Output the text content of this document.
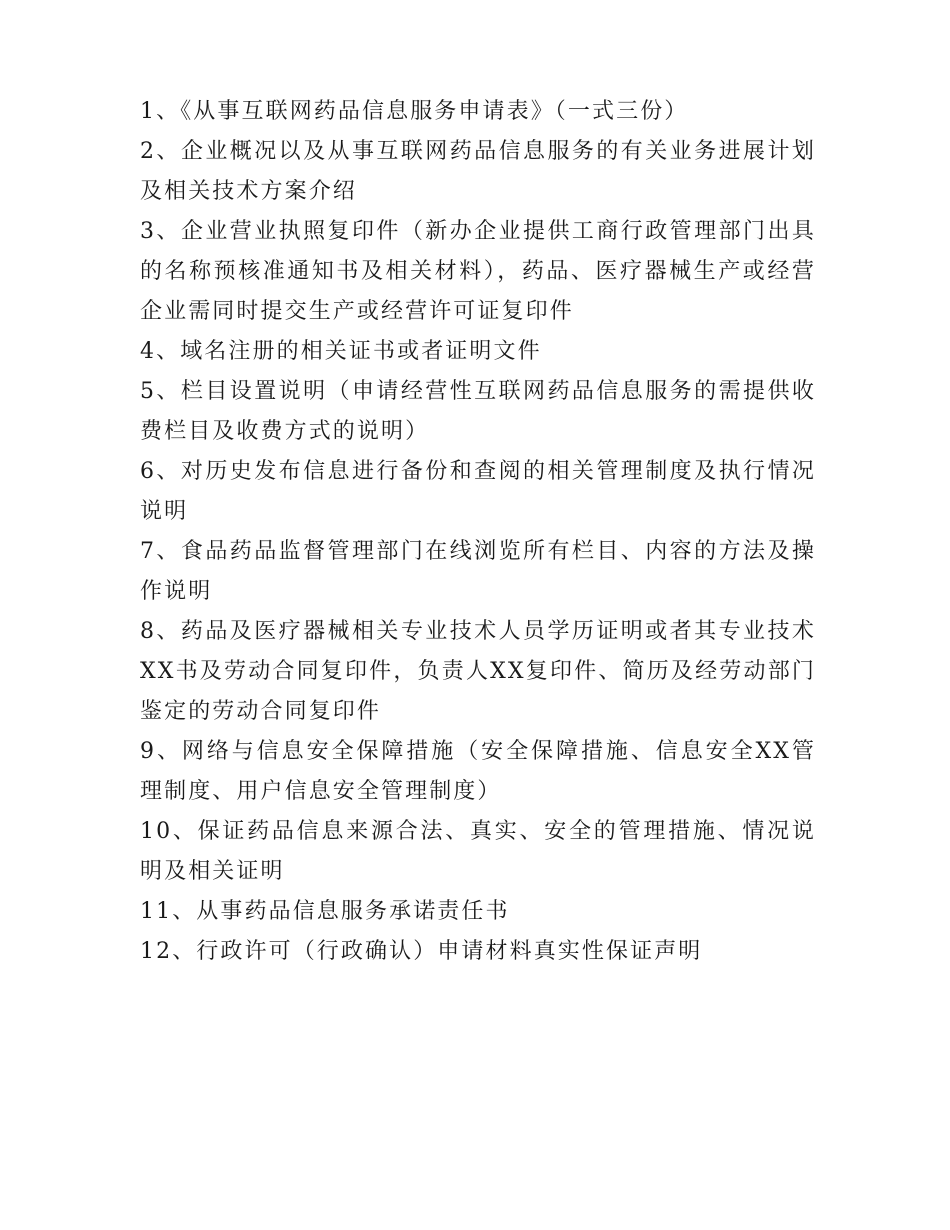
1、《从事互联网药品信息服务申请表》（一式三份）

2、企业概况以及从事互联网药品信息服务的有关业务进展计划及相关技术方案介绍

3、企业营业执照复印件（新办企业提供工商行政管理部门出具的名称预核准通知书及相关材料），药品、医疗器械生产或经营企业需同时提交生产或经营许可证复印件

4、域名注册的相关证书或者证明文件

5、栏目设置说明（申请经营性互联网药品信息服务的需提供收费栏目及收费方式的说明）

6、对历史发布信息进行备份和查阅的相关管理制度及执行情况说明

7、食品药品监督管理部门在线浏览所有栏目、内容的方法及操作说明

8、药品及医疗器械相关专业技术人员学历证明或者其专业技术XX书及劳动合同复印件，负责人XX复印件、简历及经劳动部门鉴定的劳动合同复印件

9、网络与信息安全保障措施（安全保障措施、信息安全XX管理制度、用户信息安全管理制度）

10、保证药品信息来源合法、真实、安全的管理措施、情况说明及相关证明

11、从事药品信息服务承诺责任书

12、行政许可（行政确认）申请材料真实性保证声明
